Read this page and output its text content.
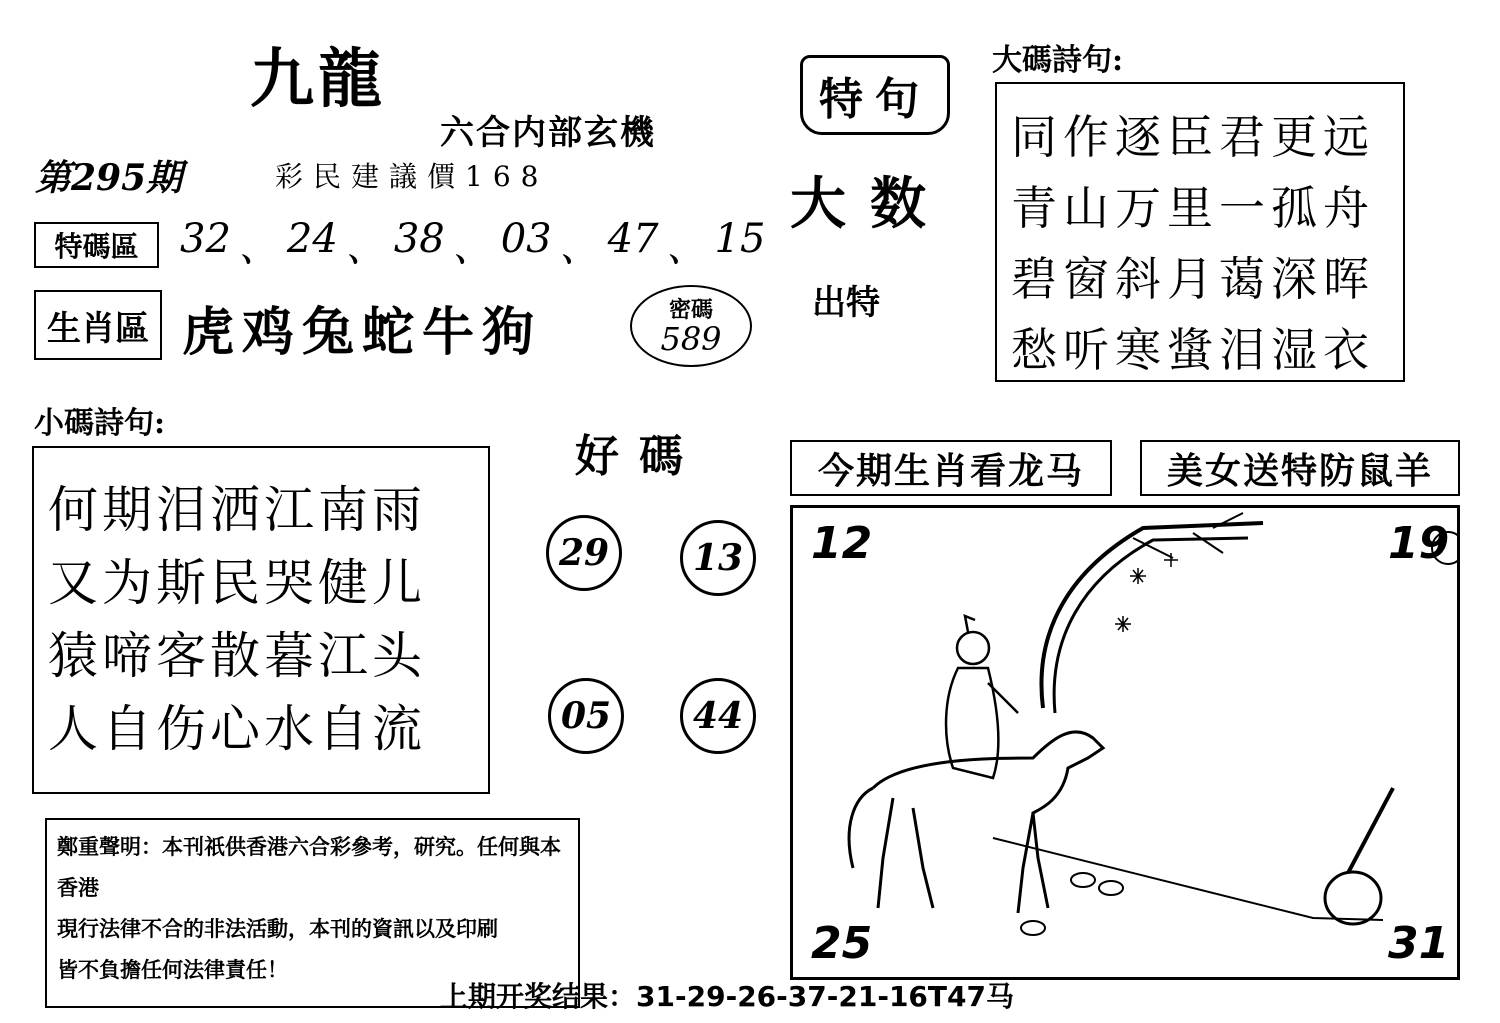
九龍
六合内部玄機
第295期	彩民建議價168
特句
大数
出特
特碼區	32 、 24 、 38 、 03 、 47 、 15
生肖區 虎鸡兔蛇牛狗	密碼
589
大碼詩句:
同作逐臣君更远
青山万里一孤舟
碧窗斜月蔼深晖
愁听寒螀泪湿衣
小碼詩句:
何期泪洒江南雨
又为斯民哭健儿
猿啼客散暮江头
人自伤心水自流
好碼
29	13
05	44
今期生肖看龙马	美女送特防鼠羊
12	19
25	31
鄭重聲明：本刊祇供香港六合彩參考，研究。任何與本香港
現行法律不合的非法活動，本刊的資訊以及印刷
皆不負擔任何法律責任！
上期开奖结果： 31-29-26-37-21-16T47马
